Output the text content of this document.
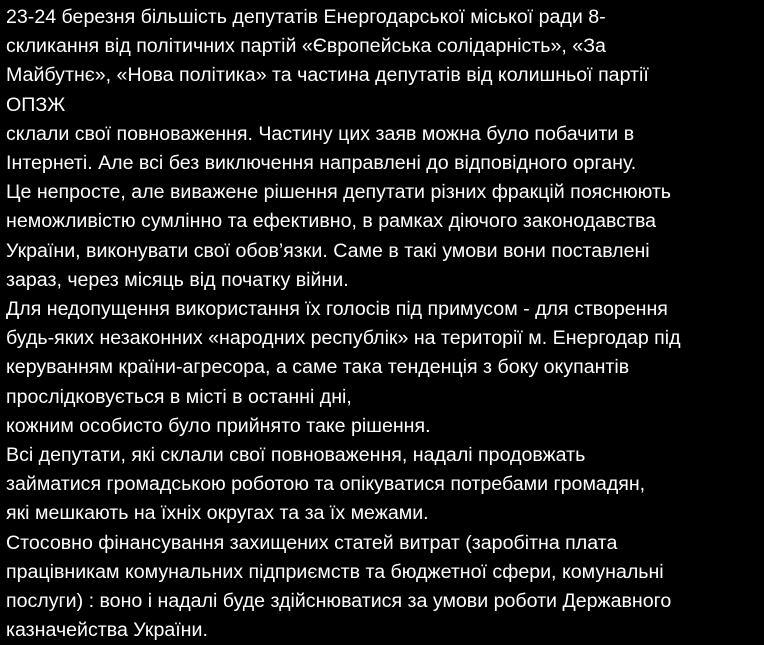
23-24 березня більшість депутатів Енергодарської міської ради 8-
скликання від політичних партій «Європейська солідарність», «За
Майбутнє», «Нова політика» та частина депутатів від колишньої партії
ОПЗЖ
склали свої повноваження. Частину цих заяв можна було побачити в
Інтернеті. Але всі без виключення направлені до відповідного органу.
Це непросте, але виважене рішення депутати різних фракцій пояснюють
неможливістю сумлінно та ефективно, в рамках діючого законодавства
України, виконувати свої обов’язки. Саме в такі умови вони поставлені
зараз, через місяць від початку війни.
Для недопущення використання їх голосів під примусом - для створення
будь-яких незаконних «народних республік» на території м. Енергодар під
керуванням країни-агресора, а саме така тенденція з боку окупантів
прослідковується в місті в останні дні,
кожним особисто було прийнято таке рішення.
Всі депутати, які склали свої повноваження, надалі продовжать
займатися громадською роботою та опікуватися потребами громадян,
які мешкають на їхніх округах та за їх межами.
Стосовно фінансування захищених статей витрат (заробітна плата
працівникам комунальних підприємств та бюджетної сфери, комунальні
послуги) : воно і надалі буде здійснюватися за умови роботи Державного
казначейства України.
